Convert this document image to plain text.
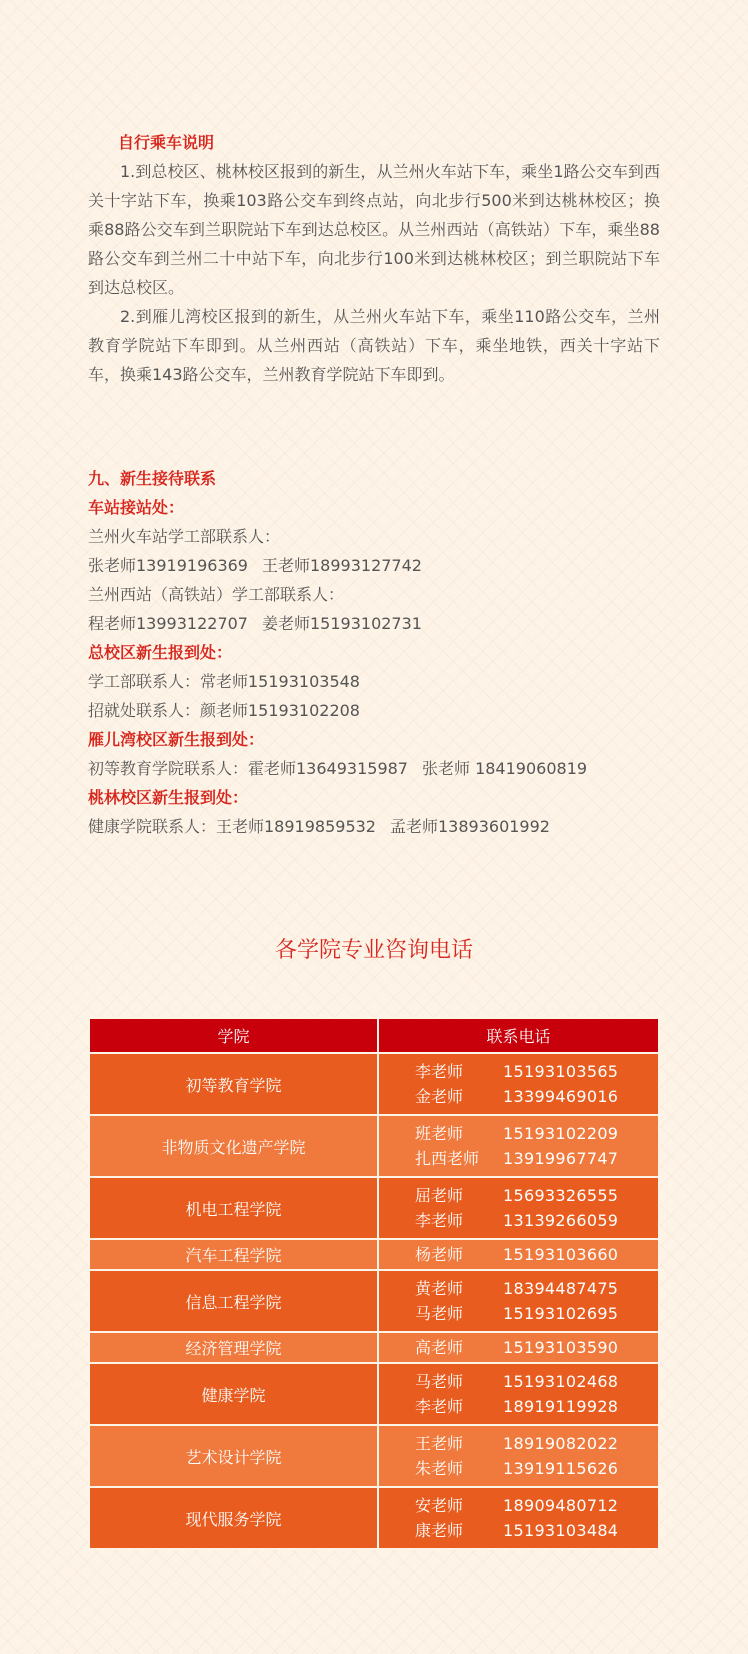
自行乘车说明

1.到总校区、桃林校区报到的新生，从兰州火车站下车，乘坐1路公交车到西关十字站下车，换乘103路公交车到终点站，向北步行500米到达桃林校区；换乘88路公交车到兰职院站下车到达总校区。从兰州西站（高铁站）下车，乘坐88路公交车到兰州二十中站下车，向北步行100米到达桃林校区；到兰职院站下车到达总校区。

2.到雁儿湾校区报到的新生，从兰州火车站下车，乘坐110路公交车，兰州教育学院站下车即到。从兰州西站（高铁站）下车，乘坐地铁，西关十字站下车，换乘143路公交车，兰州教育学院站下车即到。

九、新生接待联系
车站接站处：
兰州火车站学工部联系人：
张老师13919196369 王老师18993127742
兰州西站（高铁站）学工部联系人：
程老师13993122707 姜老师15193102731
总校区新生报到处：
学工部联系人：常老师15193103548
招就处联系人：颜老师15193102208
雁儿湾校区新生报到处：
初等教育学院联系人：霍老师13649315987 张老师 18419060819
桃林校区新生报到处：
健康学院联系人：王老师18919859532 孟老师13893601992
各学院专业咨询电话
学院	联系电话
初等教育学院	李老师 15193103565
金老师 13399469016

非物质文化遗产学院	班老师 15193102209
扎西老师 13919967747

机电工程学院	屈老师 15693326555
李老师 13139266059

汽车工程学院	杨老师 15193103660

信息工程学院	黄老师 18394487475
马老师 15193102695

经济管理学院	高老师 15193103590

健康学院	马老师 15193102468
李老师 18919119928

艺术设计学院	王老师 18919082022
朱老师 13919115626

现代服务学院	安老师 18909480712
康老师 15193103484
